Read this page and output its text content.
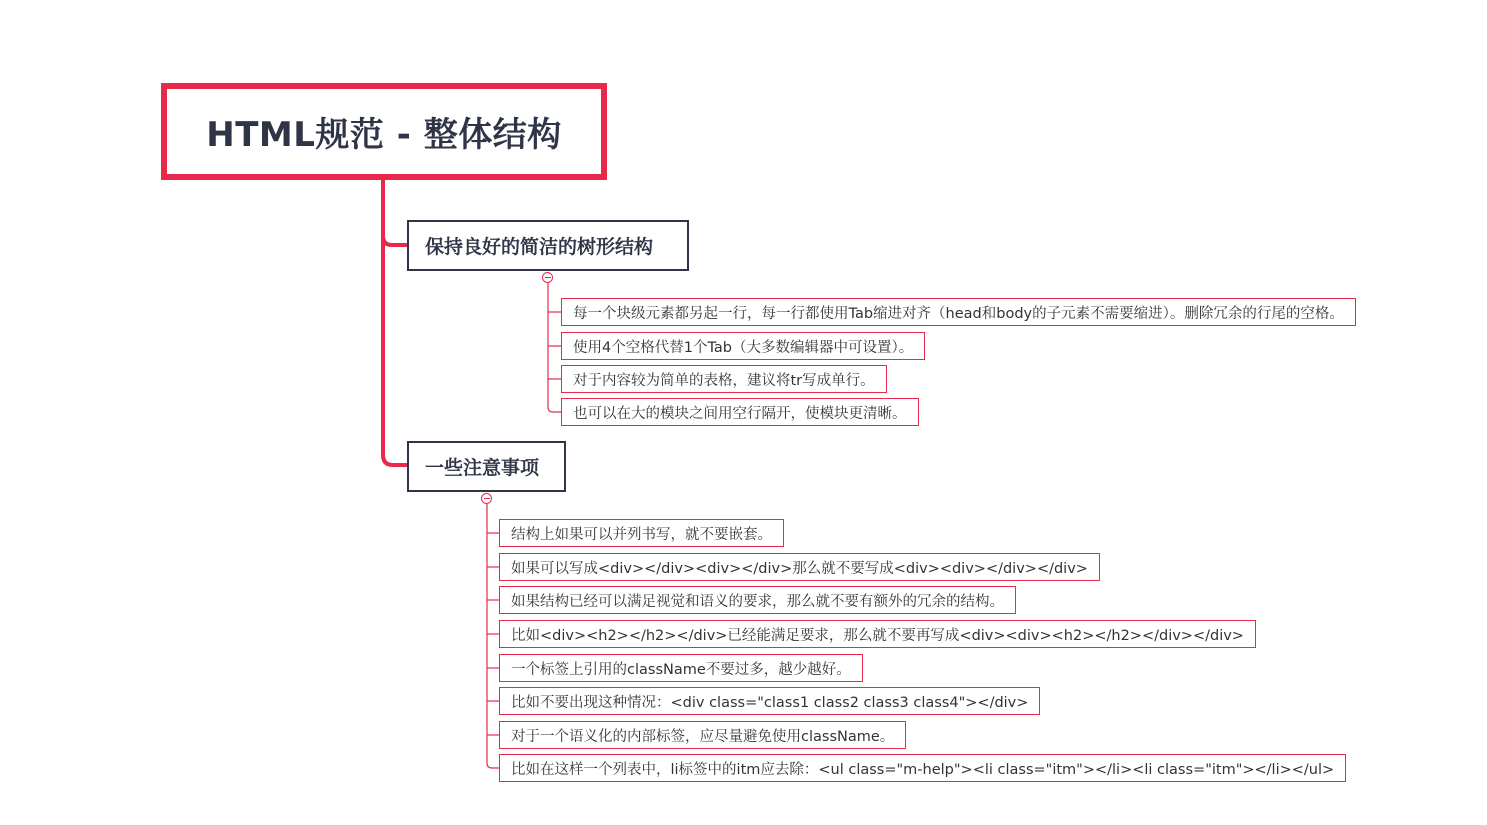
HTML规范 - 整体结构
保持良好的简洁的树形结构
每一个块级元素都另起一行，每一行都使用Tab缩进对齐（head和body的子元素不需要缩进）。删除冗余的行尾的空格。
使用4个空格代替1个Tab（大多数编辑器中可设置）。
对于内容较为简单的表格，建议将tr写成单行。
也可以在大的模块之间用空行隔开，使模块更清晰。
一些注意事项
结构上如果可以并列书写，就不要嵌套。
如果可以写成<div></div><div></div>那么就不要写成<div><div></div></div>
如果结构已经可以满足视觉和语义的要求，那么就不要有额外的冗余的结构。
比如<div><h2></h2></div>已经能满足要求，那么就不要再写成<div><div><h2></h2></div></div>
一个标签上引用的className不要过多，越少越好。
比如不要出现这种情况：<div class="class1 class2 class3 class4"></div>
对于一个语义化的内部标签，应尽量避免使用className。
比如在这样一个列表中，li标签中的itm应去除：<ul class="m-help"><li class="itm"></li><li class="itm"></li></ul>
